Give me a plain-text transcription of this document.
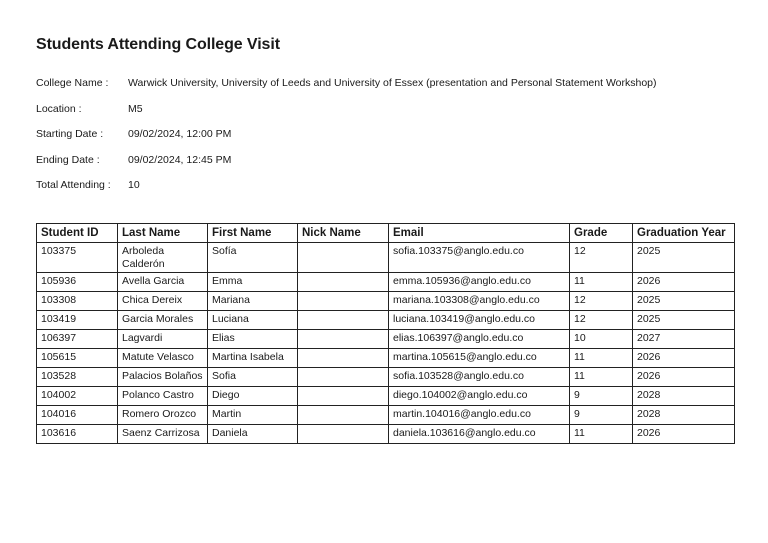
Students Attending College Visit
College Name : Warwick University, University of Leeds and University of Essex (presentation and Personal Statement Workshop)
Location :	M5
Starting Date : 09/02/2024, 12:00 PM
Ending Date :	09/02/2024, 12:45 PM
Total Attending : 10
Student ID	Last Name	First Name	Nick Name	Email	Grade	Graduation Year
103375	Arboleda Calderón	Sofía		sofia.103375@anglo.edu.co	12	2025
105936	Avella Garcia	Emma		emma.105936@anglo.edu.co	11	2026
103308	Chica Dereix	Mariana		mariana.103308@anglo.edu.co	12	2025
103419	Garcia Morales	Luciana		luciana.103419@anglo.edu.co	12	2025
106397	Lagvardi	Elias		elias.106397@anglo.edu.co	10	2027
105615	Matute Velasco	Martina Isabela		martina.105615@anglo.edu.co	11	2026
103528	Palacios Bolaños	Sofia		sofia.103528@anglo.edu.co	11	2026
104002	Polanco Castro	Diego		diego.104002@anglo.edu.co	9	2028
104016	Romero Orozco	Martin		martin.104016@anglo.edu.co	9	2028
103616	Saenz Carrizosa	Daniela		daniela.103616@anglo.edu.co	11	2026
